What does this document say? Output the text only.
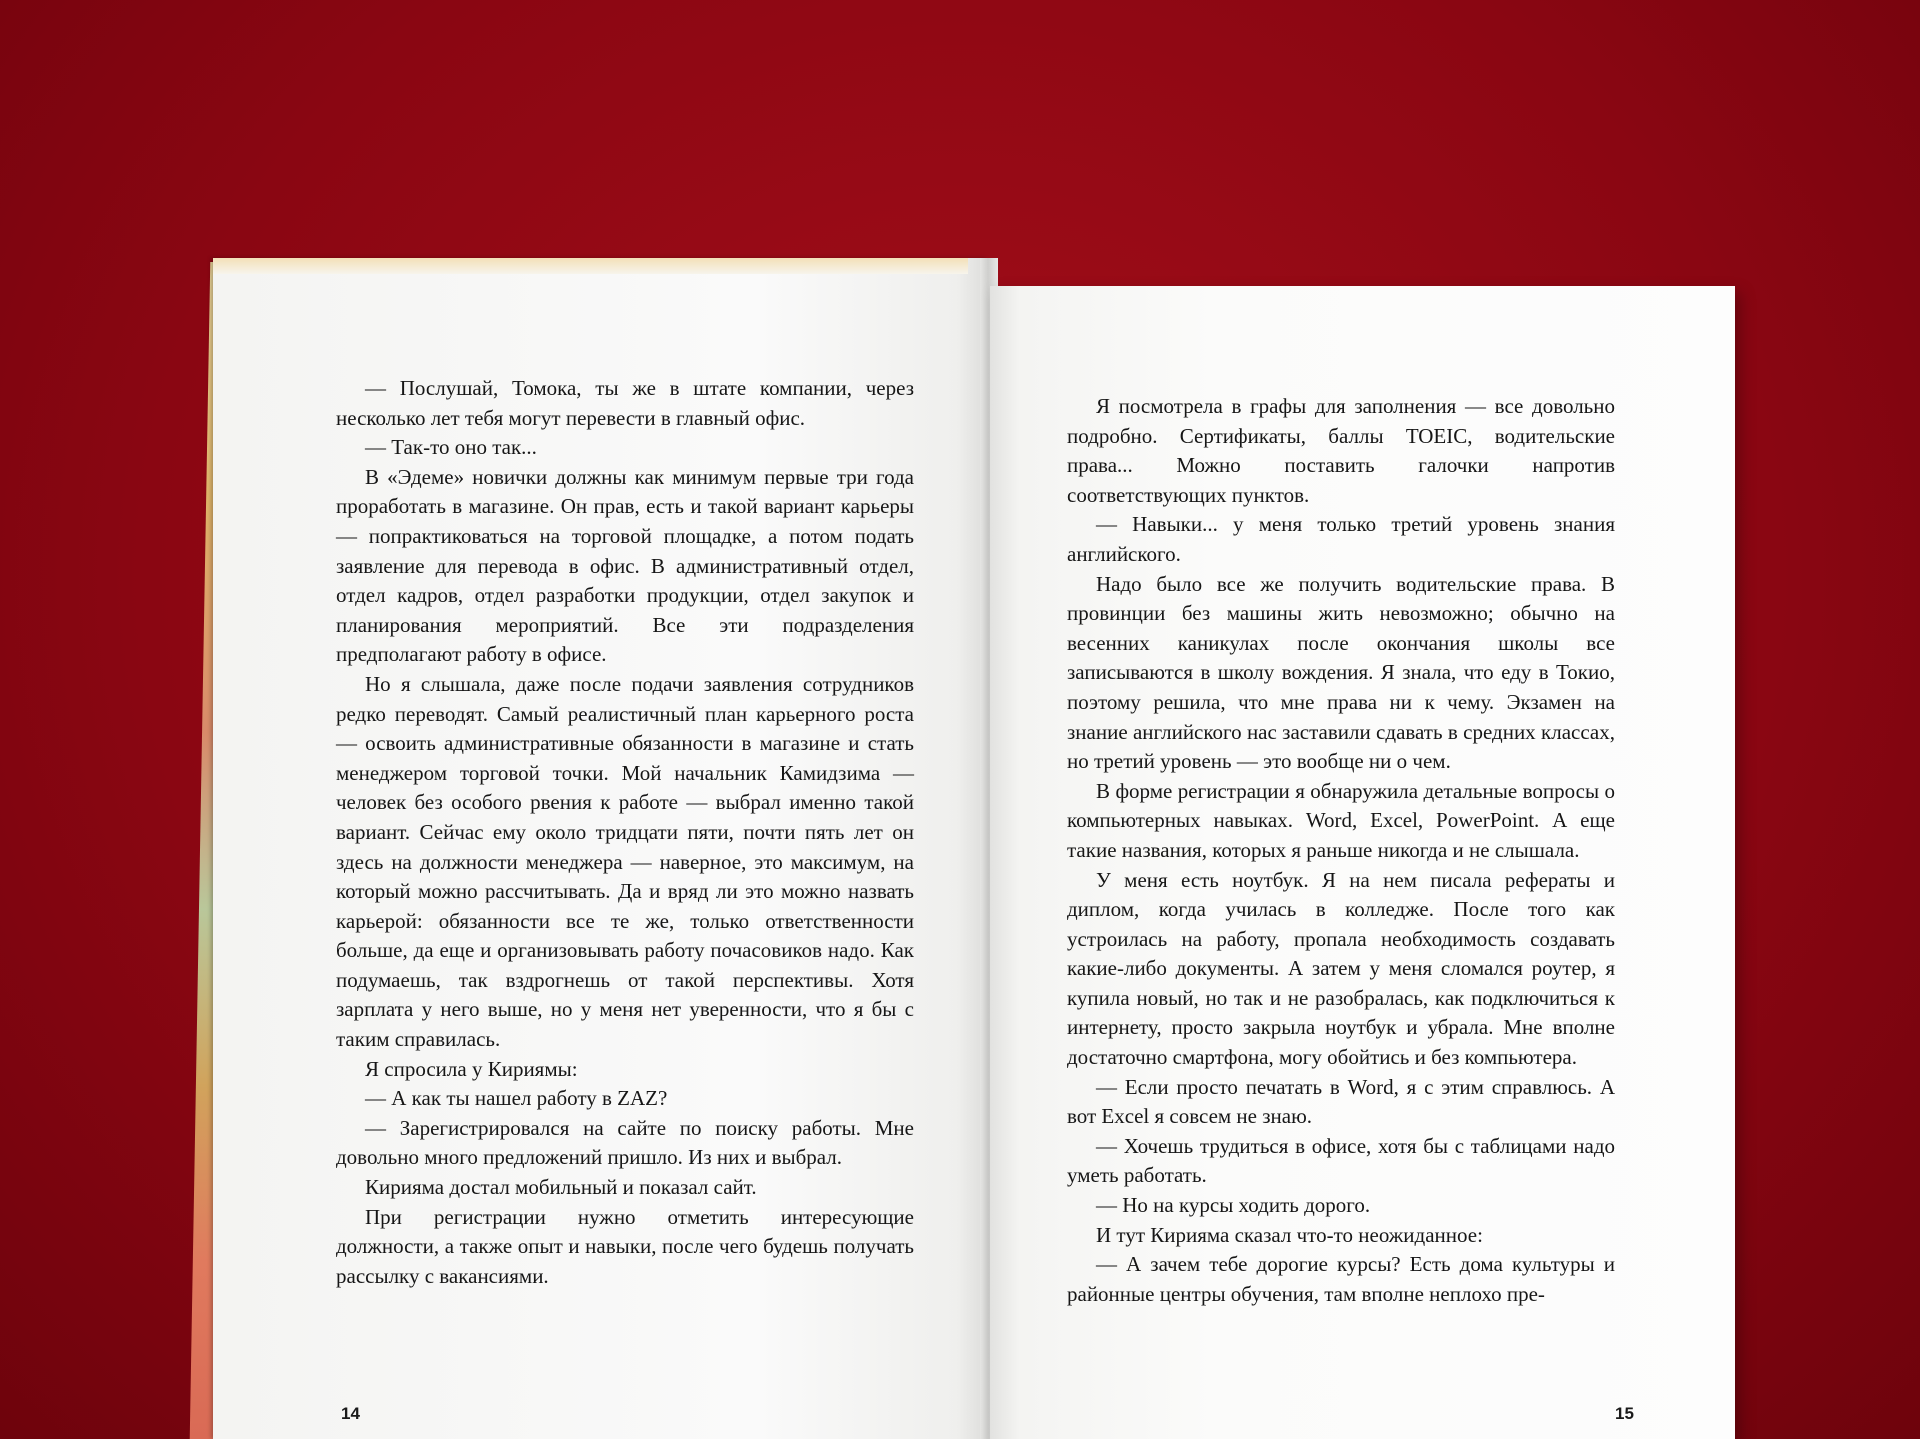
— Послушай, Томока, ты же в штате компании, через несколько лет тебя могут перевести в главный офис.

— Так-то оно так...

В «Эдеме» новички должны как минимум первые три года проработать в магазине. Он прав, есть и такой вариант карьеры — попрактиковаться на торговой площадке, а потом подать заявление для перевода в офис. В административный отдел, отдел кадров, отдел разработки продукции, отдел закупок и планирования мероприятий. Все эти подразделения предполагают работу в офисе.

Но я слышала, даже после подачи заявления сотрудников редко переводят. Самый реалистичный план карьерного роста — освоить административные обязанности в магазине и стать менеджером торговой точки. Мой начальник Камидзима — человек без особого рвения к работе — выбрал именно такой вариант. Сейчас ему около тридцати пяти, почти пять лет он здесь на должности менеджера — наверное, это максимум, на который можно рассчитывать. Да и вряд ли это можно назвать карьерой: обязанности все те же, только ответственности больше, да еще и организовывать работу почасовиков надо. Как подумаешь, так вздрогнешь от такой перспективы. Хотя зарплата у него выше, но у меня нет уверенности, что я бы с таким справилась.

Я спросила у Кириямы:

— А как ты нашел работу в ZAZ?

— Зарегистрировался на сайте по поиску работы. Мне довольно много предложений пришло. Из них и выбрал.

Кирияма достал мобильный и показал сайт.

При регистрации нужно отметить интересующие должности, а также опыт и навыки, после чего будешь получать рассылку с вакансиями.

Я посмотрела в графы для заполнения — все довольно подробно. Сертификаты, баллы TOEIC, водительские права... Можно поставить галочки напротив соответствующих пунктов.

— Навыки... у меня только третий уровень знания английского.

Надо было все же получить водительские права. В провинции без машины жить невозможно; обычно на весенних каникулах после окончания школы все записываются в школу вождения. Я знала, что еду в Токио, поэтому решила, что мне права ни к чему. Экзамен на знание английского нас заставили сдавать в средних классах, но третий уровень — это вообще ни о чем.

В форме регистрации я обнаружила детальные вопросы о компьютерных навыках. Word, Excel, PowerPoint. А еще такие названия, которых я раньше никогда и не слышала.

У меня есть ноутбук. Я на нем писала рефераты и диплом, когда училась в колледже. После того как устроилась на работу, пропала необходимость создавать какие-либо документы. А затем у меня сломался роутер, я купила новый, но так и не разобралась, как подключиться к интернету, просто закрыла ноутбук и убрала. Мне вполне достаточно смартфона, могу обойтись и без компьютера.

— Если просто печатать в Word, я с этим справлюсь. А вот Excel я совсем не знаю.

— Хочешь трудиться в офисе, хотя бы с таблицами надо уметь работать.

— Но на курсы ходить дорого.

И тут Кирияма сказал что-то неожиданное:

— А зачем тебе дорогие курсы? Есть дома культуры и районные центры обучения, там вполне неплохо пре-

14	15
